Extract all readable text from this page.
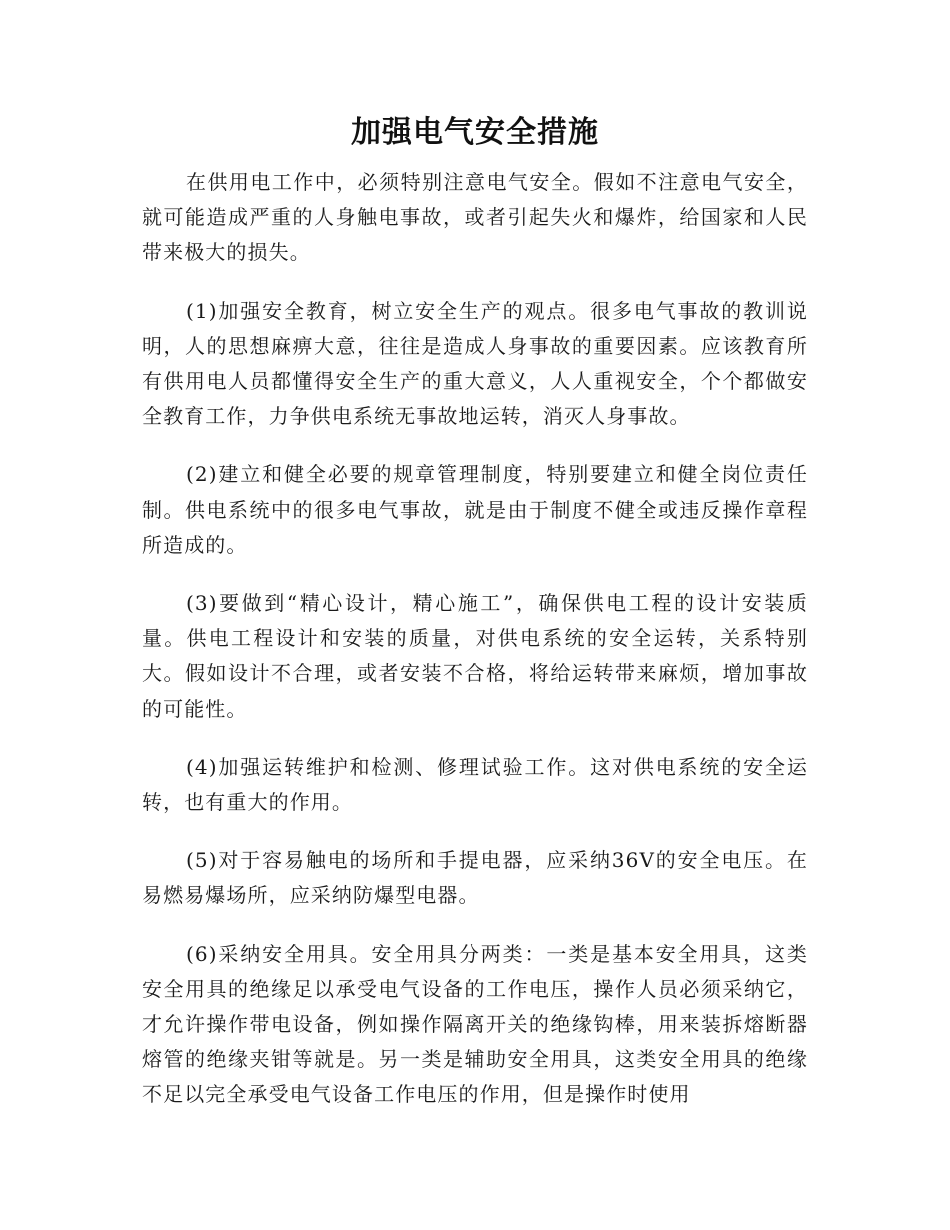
加强电气安全措施

在供用电工作中，必须特别注意电气安全。假如不注意电气安全，就可能造成严重的人身触电事故，或者引起失火和爆炸，给国家和人民带来极大的损失。

(1)加强安全教育，树立安全生产的观点。很多电气事故的教训说明，人的思想麻痹大意，往往是造成人身事故的重要因素。应该教育所有供用电人员都懂得安全生产的重大意义，人人重视安全，个个都做安全教育工作，力争供电系统无事故地运转，消灭人身事故。

(2)建立和健全必要的规章管理制度，特别要建立和健全岗位责任制。供电系统中的很多电气事故，就是由于制度不健全或违反操作章程所造成的。

(3)要做到“精心设计，精心施工”，确保供电工程的设计安装质量。供电工程设计和安装的质量，对供电系统的安全运转，关系特别大。假如设计不合理，或者安装不合格，将给运转带来麻烦，增加事故的可能性。

(4)加强运转维护和检测、修理试验工作。这对供电系统的安全运转，也有重大的作用。

(5)对于容易触电的场所和手提电器，应采纳36V的安全电压。在易燃易爆场所，应采纳防爆型电器。

(6)采纳安全用具。安全用具分两类：一类是基本安全用具，这类安全用具的绝缘足以承受电气设备的工作电压，操作人员必须采纳它，才允许操作带电设备，例如操作隔离开关的绝缘钩棒，用来装拆熔断器熔管的绝缘夹钳等就是。另一类是辅助安全用具，这类安全用具的绝缘不足以完全承受电气设备工作电压的作用，但是操作时使用
